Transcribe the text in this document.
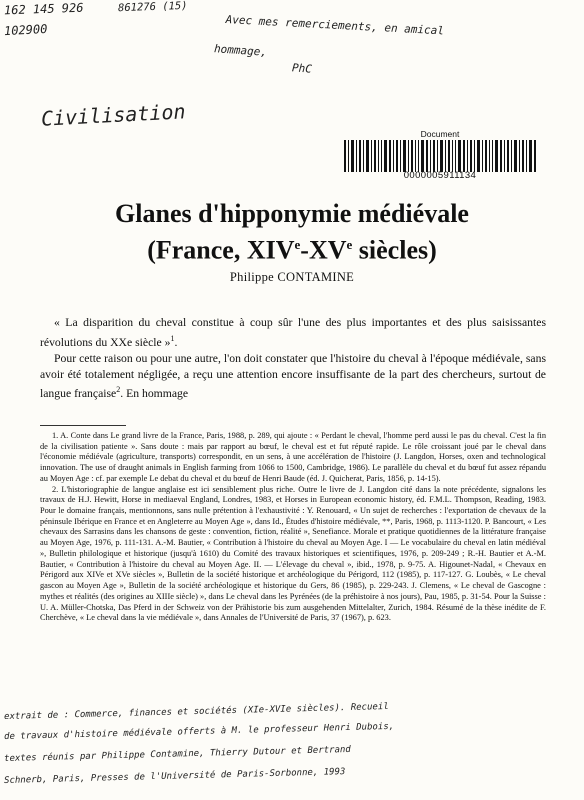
162 145 926
102900
861276 (15)
Avec mes remerciements, en amical
hommage,
PhC
Civilisation
Document
0000005911134
Glanes d'hipponymie médiévale
(France, XIVe-XVe siècles)
Philippe CONTAMINE
« La disparition du cheval constitue à coup sûr l'une des plus importantes et des plus saisissantes révolutions du XXe siècle »$^1$.
Pour cette raison ou pour une autre, l'on doit constater que l'histoire du cheval à l'époque médiévale, sans avoir été totalement négligée, a reçu une attention encore insuffisante de la part des chercheurs, surtout de langue française$^2$. En hommage

1. A. Conte dans Le grand livre de la France, Paris, 1988, p. 289, qui ajoute : « Perdant le cheval, l'homme perd aussi le pas du cheval. C'est la fin de la civilisation patiente ». Sans doute : mais par rapport au bœuf, le cheval est et fut réputé rapide. Le rôle croissant joué par le cheval dans l'économie médiévale (agriculture, transports) correspondit, en un sens, à une accélération de l'histoire (J. Langdon, Horses, oxen and technological innovation. The use of draught animals in English farming from 1066 to 1500, Cambridge, 1986). Le parallèle du cheval et du bœuf fut assez répandu au Moyen Age : cf. par exemple Le debat du cheval et du bœuf de Henri Baude (éd. J. Quicherat, Paris, 1856, p. 14-15).

2. L'historiographie de langue anglaise est ici sensiblement plus riche. Outre le livre de J. Langdon cité dans la note précédente, signalons les travaux de H.J. Hewitt, Horse in mediaeval England, Londres, 1983, et Horses in European economic history, éd. F.M.L. Thompson, Reading, 1983. Pour le domaine français, mentionnons, sans nulle prétention à l'exhaustivité : Y. Renouard, « Un sujet de recherches : l'exportation de chevaux de la péninsule Ibérique en France et en Angleterre au Moyen Age », dans Id., Études d'histoire médiévale, **, Paris, 1968, p. 1113-1120. P. Bancourt, « Les chevaux des Sarrasins dans les chansons de geste : convention, fiction, réalité », Senefiance. Morale et pratique quotidiennes de la littérature française au Moyen Age, 1976, p. 111-131. A.-M. Bautier, « Contribution à l'histoire du cheval au Moyen Age. I — Le vocabulaire du cheval en latin médiéval », Bulletin philologique et historique (jusqu'à 1610) du Comité des travaux historiques et scientifiques, 1976, p. 209-249 ; R.-H. Bautier et A.-M. Bautier, « Contribution à l'histoire du cheval au Moyen Age. II. — L'élevage du cheval », ibid., 1978, p. 9-75. A. Higounet-Nadal, « Chevaux en Périgord aux XIVe et XVe siècles », Bulletin de la société historique et archéologique du Périgord, 112 (1985), p. 117-127. G. Loubès, « Le cheval gascon au Moyen Age », Bulletin de la société archéologique et historique du Gers, 86 (1985), p. 229-243. J. Clemens, « Le cheval de Gascogne : mythes et réalités (des origines au XIIIe siècle) », dans Le cheval dans les Pyrénées (de la préhistoire à nos jours), Pau, 1985, p. 31-54. Pour la Suisse : U. A. Müller-Chotska, Das Pferd in der Schweiz von der Prähistorie bis zum ausgehenden Mittelalter, Zurich, 1984. Résumé de la thèse inédite de F. Cherchève, « Le cheval dans la vie médiévale », dans Annales de l'Université de Paris, 37 (1967), p. 623.

extrait de : Commerce, finances et sociétés (XIe-XVIe siècles). Recueil
de travaux d'histoire médiévale offerts à M. le professeur Henri Dubois,
textes réunis par Philippe Contamine, Thierry Dutour et Bertrand
Schnerb, Paris, Presses de l'Université de Paris-Sorbonne, 1993
